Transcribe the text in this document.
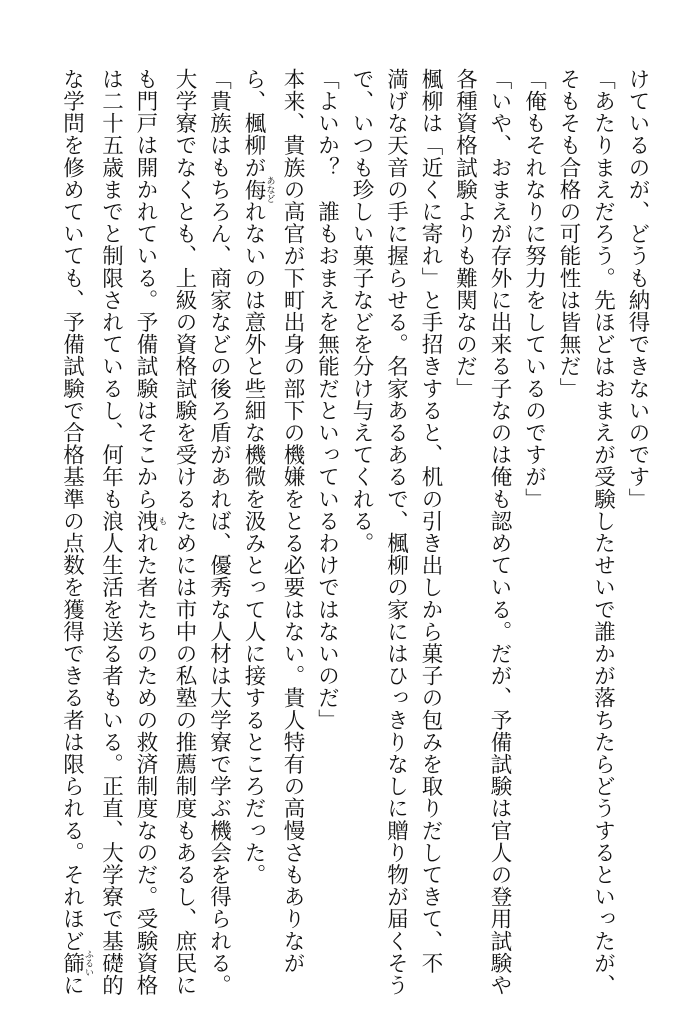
けているのが、どうも納得できないのです」
「あたりまえだろう。先ほどはおまえが受験したせいで誰かが落ちたらどうするといったが、
そもそも合格の可能性は皆無だ」
「俺もそれなりに努力をしているのですが」
「いや、おまえが存外に出来る子なのは俺も認めている。だが、予備試験は官人の登用試験や
各種資格試験よりも難関なのだ」
楓柳は「近くに寄れ」と手招きすると、机の引き出しから菓子の包みを取りだしてきて、不
満げな天音の手に握らせる。名家あるあるで、楓柳の家にはひっきりなしに贈り物が届くそう
で、いつも珍しい菓子などを分け与えてくれる。
「よいか？　誰もおまえを無能だといっているわけではないのだ」
本来、貴族の高官が下町出身の部下の機嫌をとる必要はない。貴人特有の高慢さもありなが
ら、楓柳が侮あなどれないのは意外と些細な機微を汲みとって人に接するところだった。
「貴族はもちろん、商家などの後ろ盾があれば、優秀な人材は大学寮で学ぶ機会を得られる。
大学寮でなくとも、上級の資格試験を受けるためには市中の私塾の推薦制度もあるし、庶民に
も門戸は開かれている。予備試験はそこから洩もれた者たちのための救済制度なのだ。受験資格
は二十五歳までと制限されているし、何年も浪人生活を送る者もいる。正直、大学寮で基礎的
な学問を修めていても、予備試験で合格基準の点数を獲得できる者は限られる。それほど篩ふるいに
